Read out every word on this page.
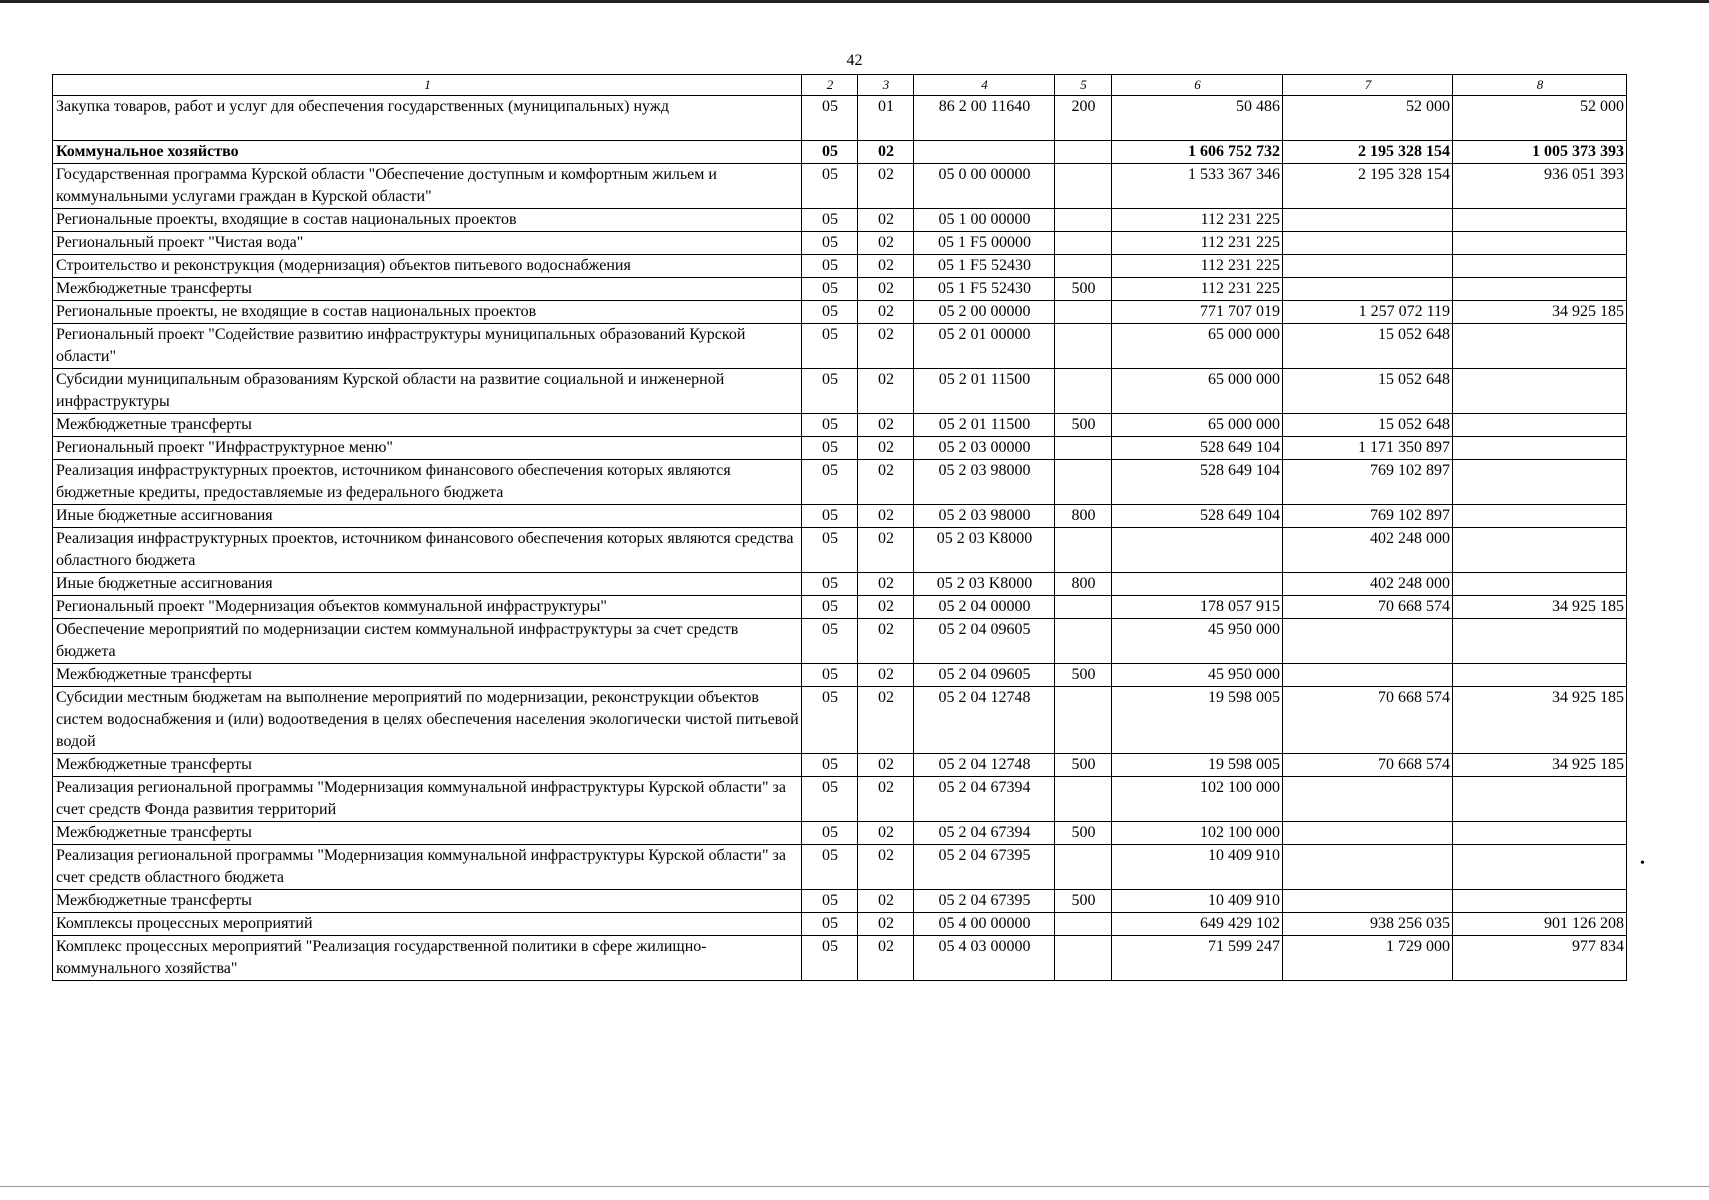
42
1	2	3	4	5	6	7	8
Закупка товаров, работ и услуг для обеспечения государственных (муниципальных) нужд	05	01	86 2 00 11640	200	50 486	52 000	52 000
Коммунальное хозяйство	05	02			1 606 752 732	2 195 328 154	1 005 373 393
Государственная программа Курской области "Обеспечение доступным и комфортным жильем и коммунальными услугами граждан в Курской области"	05	02	05 0 00 00000		1 533 367 346	2 195 328 154	936 051 393
Региональные проекты, входящие в состав национальных проектов	05	02	05 1 00 00000		112 231 225		
Региональный проект "Чистая вода"	05	02	05 1 F5 00000		112 231 225		
Строительство и реконструкция (модернизация) объектов питьевого водоснабжения	05	02	05 1 F5 52430		112 231 225		
Межбюджетные трансферты	05	02	05 1 F5 52430	500	112 231 225		
Региональные проекты, не входящие в состав национальных проектов	05	02	05 2 00 00000		771 707 019	1 257 072 119	34 925 185
Региональный проект "Содействие развитию инфраструктуры муниципальных образований Курской области"	05	02	05 2 01 00000		65 000 000	15 052 648	
Субсидии муниципальным образованиям Курской области на развитие социальной и инженерной инфраструктуры	05	02	05 2 01 11500		65 000 000	15 052 648	
Межбюджетные трансферты	05	02	05 2 01 11500	500	65 000 000	15 052 648	
Региональный проект "Инфраструктурное меню"	05	02	05 2 03 00000		528 649 104	1 171 350 897	
Реализация инфраструктурных проектов, источником финансового обеспечения которых являются бюджетные кредиты, предоставляемые из федерального бюджета	05	02	05 2 03 98000		528 649 104	769 102 897	
Иные бюджетные ассигнования	05	02	05 2 03 98000	800	528 649 104	769 102 897	
Реализация инфраструктурных проектов, источником финансового обеспечения которых являются средства областного бюджета	05	02	05 2 03 K8000			402 248 000	
Иные бюджетные ассигнования	05	02	05 2 03 K8000	800		402 248 000	
Региональный проект "Модернизация объектов коммунальной инфраструктуры"	05	02	05 2 04 00000		178 057 915	70 668 574	34 925 185
Обеспечение мероприятий по модернизации систем коммунальной инфраструктуры за счет средств бюджета	05	02	05 2 04 09605		45 950 000		
Межбюджетные трансферты	05	02	05 2 04 09605	500	45 950 000		
Субсидии местным бюджетам на выполнение мероприятий по модернизации, реконструкции объектов систем водоснабжения и (или) водоотведения в целях обеспечения населения экологически чистой питьевой водой	05	02	05 2 04 12748		19 598 005	70 668 574	34 925 185
Межбюджетные трансферты	05	02	05 2 04 12748	500	19 598 005	70 668 574	34 925 185
Реализация региональной программы "Модернизация коммунальной инфраструктуры Курской области" за счет средств Фонда развития территорий	05	02	05 2 04 67394		102 100 000		
Межбюджетные трансферты	05	02	05 2 04 67394	500	102 100 000		
Реализация региональной программы "Модернизация коммунальной инфраструктуры Курской области" за счет средств областного бюджета	05	02	05 2 04 67395		10 409 910		
Межбюджетные трансферты	05	02	05 2 04 67395	500	10 409 910		
Комплексы процессных мероприятий	05	02	05 4 00 00000		649 429 102	938 256 035	901 126 208
Комплекс процессных мероприятий "Реализация государственной политики в сфере жилищно-коммунального хозяйства"	05	02	05 4 03 00000		71 599 247	1 729 000	977 834
•
